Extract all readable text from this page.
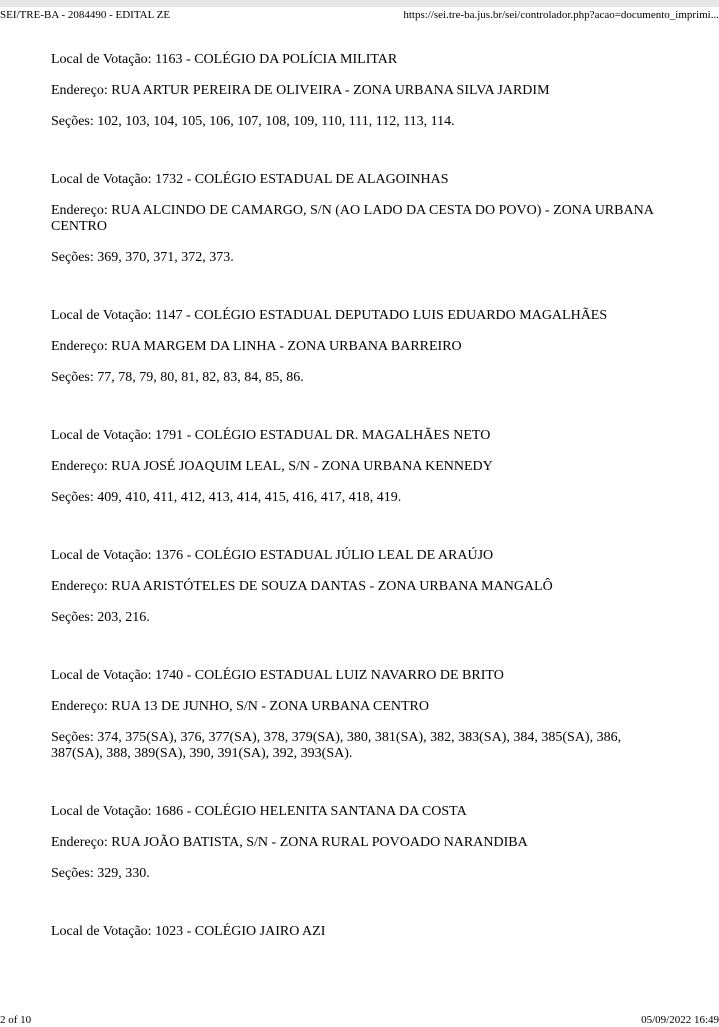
SEI/TRE-BA - 2084490 - EDITAL ZE	https://sei.tre-ba.jus.br/sei/controlador.php?acao=documento_imprimi...
Local de Votação: 1163 - COLÉGIO DA POLÍCIA MILITAR
Endereço: RUA ARTUR PEREIRA DE OLIVEIRA - ZONA URBANA SILVA JARDIM
Seções: 102, 103, 104, 105, 106, 107, 108, 109, 110, 111, 112, 113, 114.
Local de Votação: 1732 - COLÉGIO ESTADUAL DE ALAGOINHAS
Endereço: RUA ALCINDO DE CAMARGO, S/N (AO LADO DA CESTA DO POVO) - ZONA URBANA CENTRO
Seções: 369, 370, 371, 372, 373.
Local de Votação: 1147 - COLÉGIO ESTADUAL DEPUTADO LUIS EDUARDO MAGALHÃES
Endereço: RUA MARGEM DA LINHA - ZONA URBANA BARREIRO
Seções: 77, 78, 79, 80, 81, 82, 83, 84, 85, 86.
Local de Votação: 1791 - COLÉGIO ESTADUAL DR. MAGALHÃES NETO
Endereço: RUA JOSÉ JOAQUIM LEAL, S/N - ZONA URBANA KENNEDY
Seções: 409, 410, 411, 412, 413, 414, 415, 416, 417, 418, 419.
Local de Votação: 1376 - COLÉGIO ESTADUAL JÚLIO LEAL DE ARAÚJO
Endereço: RUA ARISTÓTELES DE SOUZA DANTAS - ZONA URBANA MANGALÔ
Seções: 203, 216.
Local de Votação: 1740 - COLÉGIO ESTADUAL LUIZ NAVARRO DE BRITO
Endereço: RUA 13 DE JUNHO, S/N - ZONA URBANA CENTRO
Seções: 374, 375(SA), 376, 377(SA), 378, 379(SA), 380, 381(SA), 382, 383(SA), 384, 385(SA), 386, 387(SA), 388, 389(SA), 390, 391(SA), 392, 393(SA).
Local de Votação: 1686 - COLÉGIO HELENITA SANTANA DA COSTA
Endereço: RUA JOÃO BATISTA, S/N - ZONA RURAL POVOADO NARANDIBA
Seções: 329, 330.
Local de Votação: 1023 - COLÉGIO JAIRO AZI
2 of 10	05/09/2022 16:49
